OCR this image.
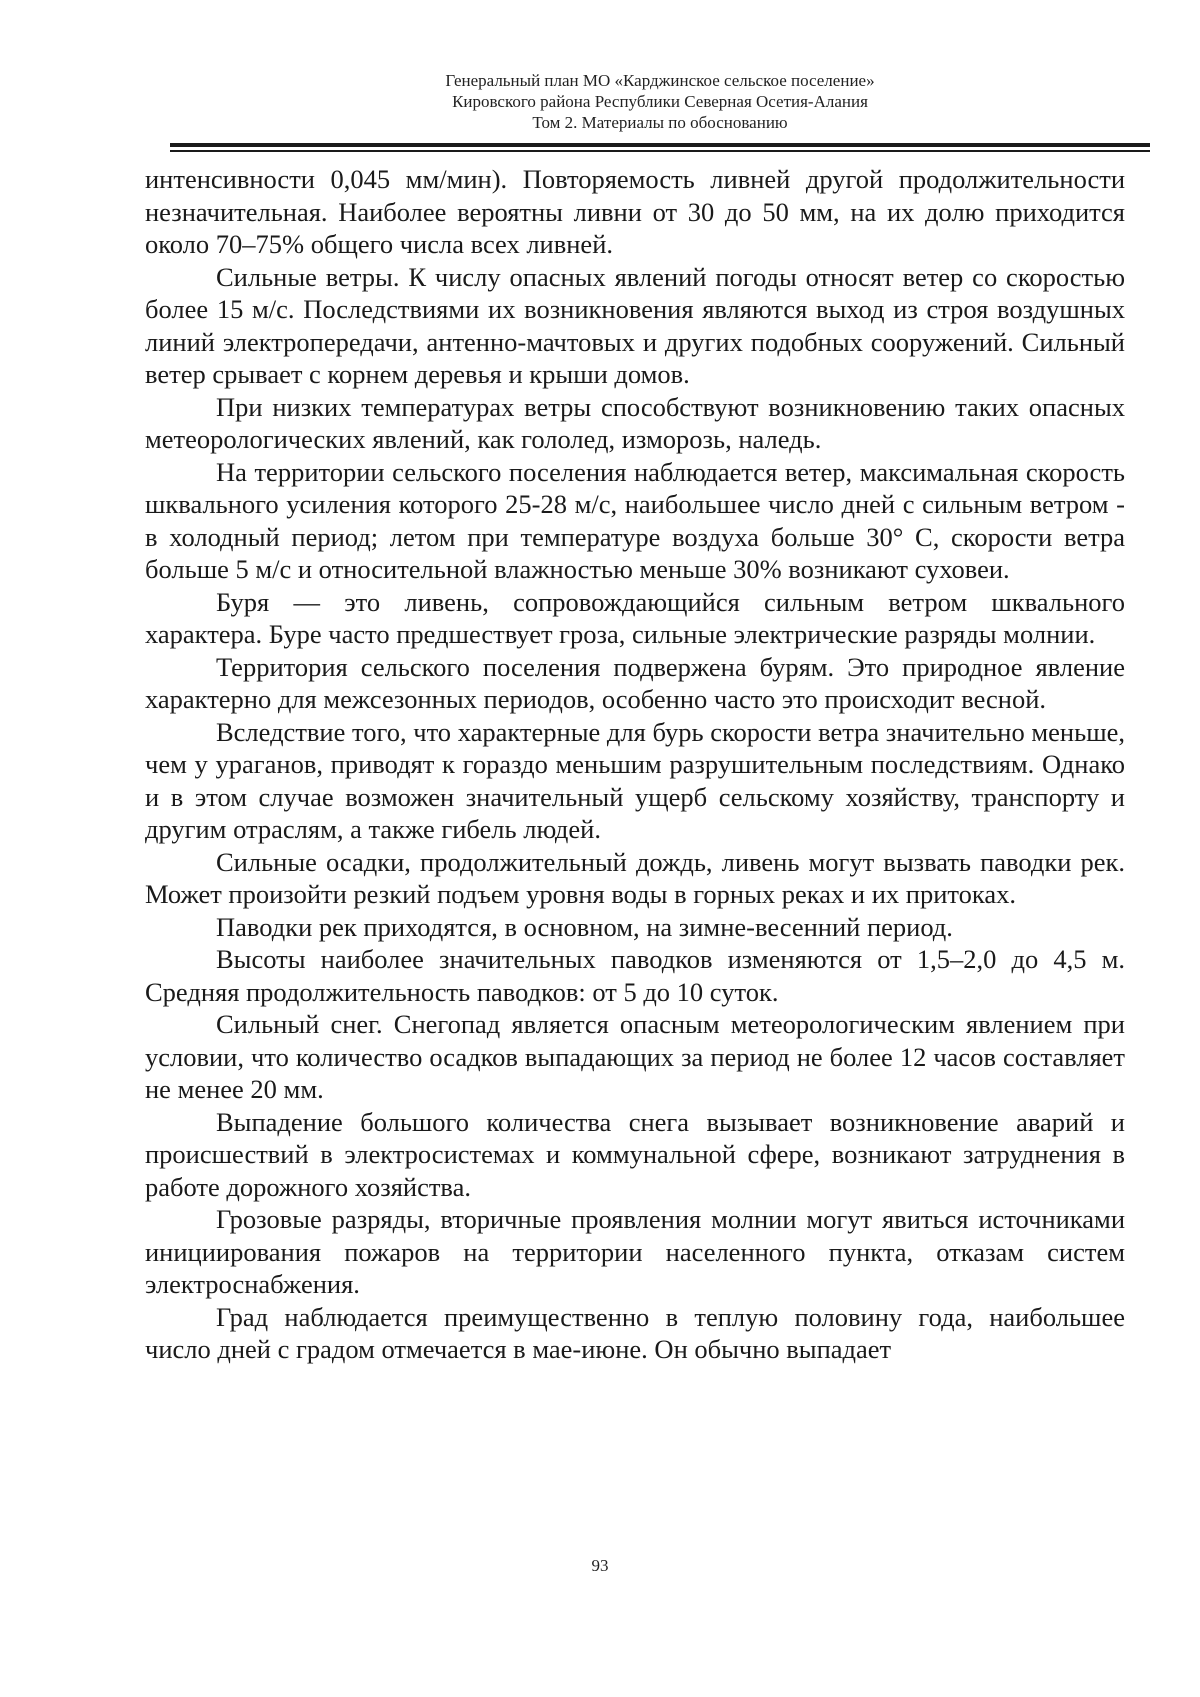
Генеральный план МО «Карджинское сельское поселение»
Кировского района Республики Северная Осетия-Алания
Том 2. Материалы по обоснованию

интенсивности 0,045 мм/мин). Повторяемость ливней другой продолжительности незначительная. Наиболее вероятны ливни от 30 до 50 мм, на их долю приходится около 70–75% общего числа всех ливней.

Сильные ветры. К числу опасных явлений погоды относят ветер со скоростью более 15 м/с. Последствиями их возникновения являются выход из строя воздушных линий электропередачи, антенно-мачтовых и других подобных сооружений. Сильный ветер срывает с корнем деревья и крыши домов.

При низких температурах ветры способствуют возникновению таких опасных метеорологических явлений, как гололед, изморозь, наледь.

На территории сельского поселения наблюдается ветер, максимальная скорость шквального усиления которого 25-28 м/с, наибольшее число дней с сильным ветром - в холодный период; летом при температуре воздуха больше 30° С, скорости ветра больше 5 м/с и относительной влажностью меньше 30% возникают суховеи.

Буря — это ливень, сопровождающийся сильным ветром шквального характера. Буре часто предшествует гроза, сильные электрические разряды молнии.

Территория сельского поселения подвержена бурям. Это природное явление характерно для межсезонных периодов, особенно часто это происходит весной.

Вследствие того, что характерные для бурь скорости ветра значительно меньше, чем у ураганов, приводят к гораздо меньшим разрушительным последствиям. Однако и в этом случае возможен значительный ущерб сельскому хозяйству, транспорту и другим отраслям, а также гибель людей.

Сильные осадки, продолжительный дождь, ливень могут вызвать паводки рек. Может произойти резкий подъем уровня воды в горных реках и их притоках.

Паводки рек приходятся, в основном, на зимне-весенний период.

Высоты наиболее значительных паводков изменяются от 1,5–2,0 до 4,5 м. Средняя продолжительность паводков: от 5 до 10 суток.

Сильный снег. Снегопад является опасным метеорологическим явлением при условии, что количество осадков выпадающих за период не более 12 часов составляет не менее 20 мм.

Выпадение большого количества снега вызывает возникновение аварий и происшествий в электросистемах и коммунальной сфере, возникают затруднения в работе дорожного хозяйства.

Грозовые разряды, вторичные проявления молнии могут явиться источниками инициирования пожаров на территории населенного пункта, отказам систем электроснабжения.

Град наблюдается преимущественно в теплую половину года, наибольшее число дней с градом отмечается в мае-июне. Он обычно выпадает

93
